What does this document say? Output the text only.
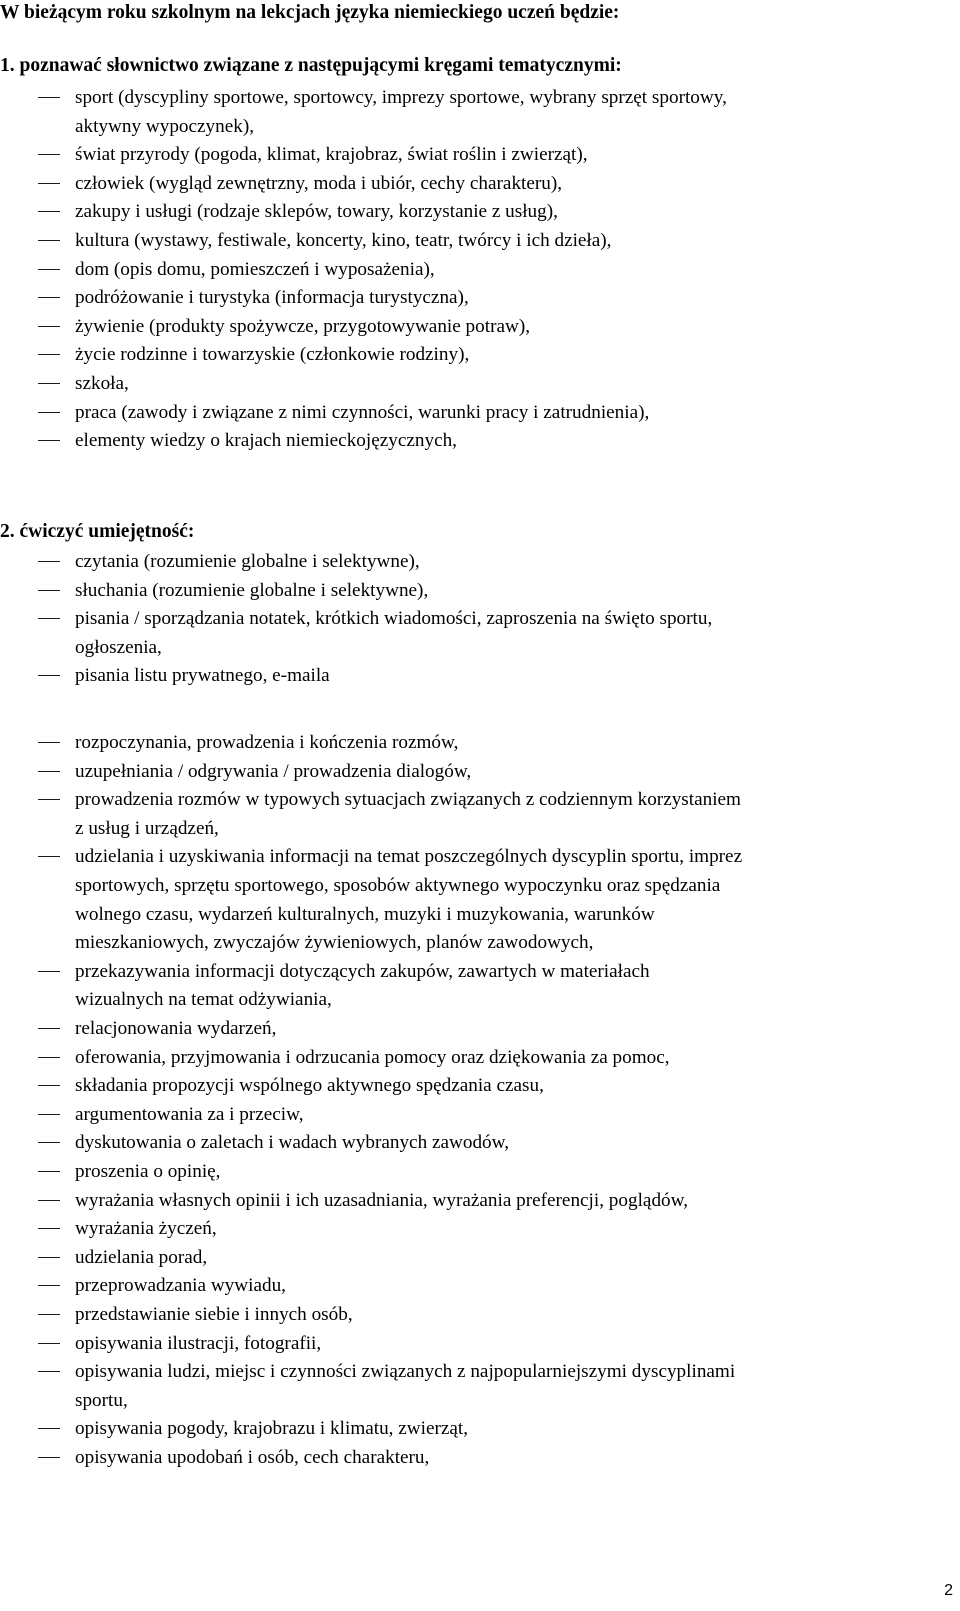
W bieżącym roku szkolnym na lekcjach języka niemieckiego uczeń będzie:
1. poznawać słownictwo związane z następującymi kręgami tematycznymi:
2. ćwiczyć umiejętność:
sport (dyscypliny sportowe, sportowcy, imprezy sportowe, wybrany sprzęt sportowy,
aktywny wypoczynek),
świat przyrody (pogoda, klimat, krajobraz, świat roślin i zwierząt),
człowiek (wygląd zewnętrzny, moda i ubiór, cechy charakteru),
zakupy i usługi (rodzaje sklepów, towary, korzystanie z usług),
kultura (wystawy, festiwale, koncerty, kino, teatr, twórcy i ich dzieła),
dom (opis domu, pomieszczeń i wyposażenia),
podróżowanie i turystyka (informacja turystyczna),
żywienie (produkty spożywcze, przygotowywanie potraw),
życie rodzinne i towarzyskie (członkowie rodziny),
szkoła,
praca (zawody i związane z nimi czynności, warunki pracy i zatrudnienia),
elementy wiedzy o krajach niemieckojęzycznych,
czytania (rozumienie globalne i selektywne),
słuchania (rozumienie globalne i selektywne),
pisania / sporządzania notatek, krótkich wiadomości, zaproszenia na święto sportu,
ogłoszenia,
pisania listu prywatnego, e-maila
rozpoczynania, prowadzenia i kończenia rozmów,
uzupełniania / odgrywania / prowadzenia dialogów,
prowadzenia rozmów w typowych sytuacjach związanych z codziennym korzystaniem
z usług i urządzeń,
udzielania i uzyskiwania informacji na temat poszczególnych dyscyplin sportu, imprez
sportowych, sprzętu sportowego, sposobów aktywnego wypoczynku oraz spędzania
wolnego czasu, wydarzeń kulturalnych, muzyki i muzykowania, warunków
mieszkaniowych, zwyczajów żywieniowych, planów zawodowych,
przekazywania informacji dotyczących zakupów, zawartych w materiałach
wizualnych na temat odżywiania,
relacjonowania wydarzeń,
oferowania, przyjmowania i odrzucania pomocy oraz dziękowania za pomoc,
składania propozycji wspólnego aktywnego spędzania czasu,
argumentowania za i przeciw,
dyskutowania o zaletach i wadach wybranych zawodów,
proszenia o opinię,
wyrażania własnych opinii i ich uzasadniania, wyrażania preferencji, poglądów,
wyrażania życzeń,
udzielania porad,
przeprowadzania wywiadu,
przedstawianie siebie i innych osób,
opisywania ilustracji, fotografii,
opisywania ludzi, miejsc i czynności związanych z najpopularniejszymi dyscyplinami
sportu,
opisywania pogody, krajobrazu i klimatu, zwierząt,
opisywania upodobań i osób, cech charakteru,
2
